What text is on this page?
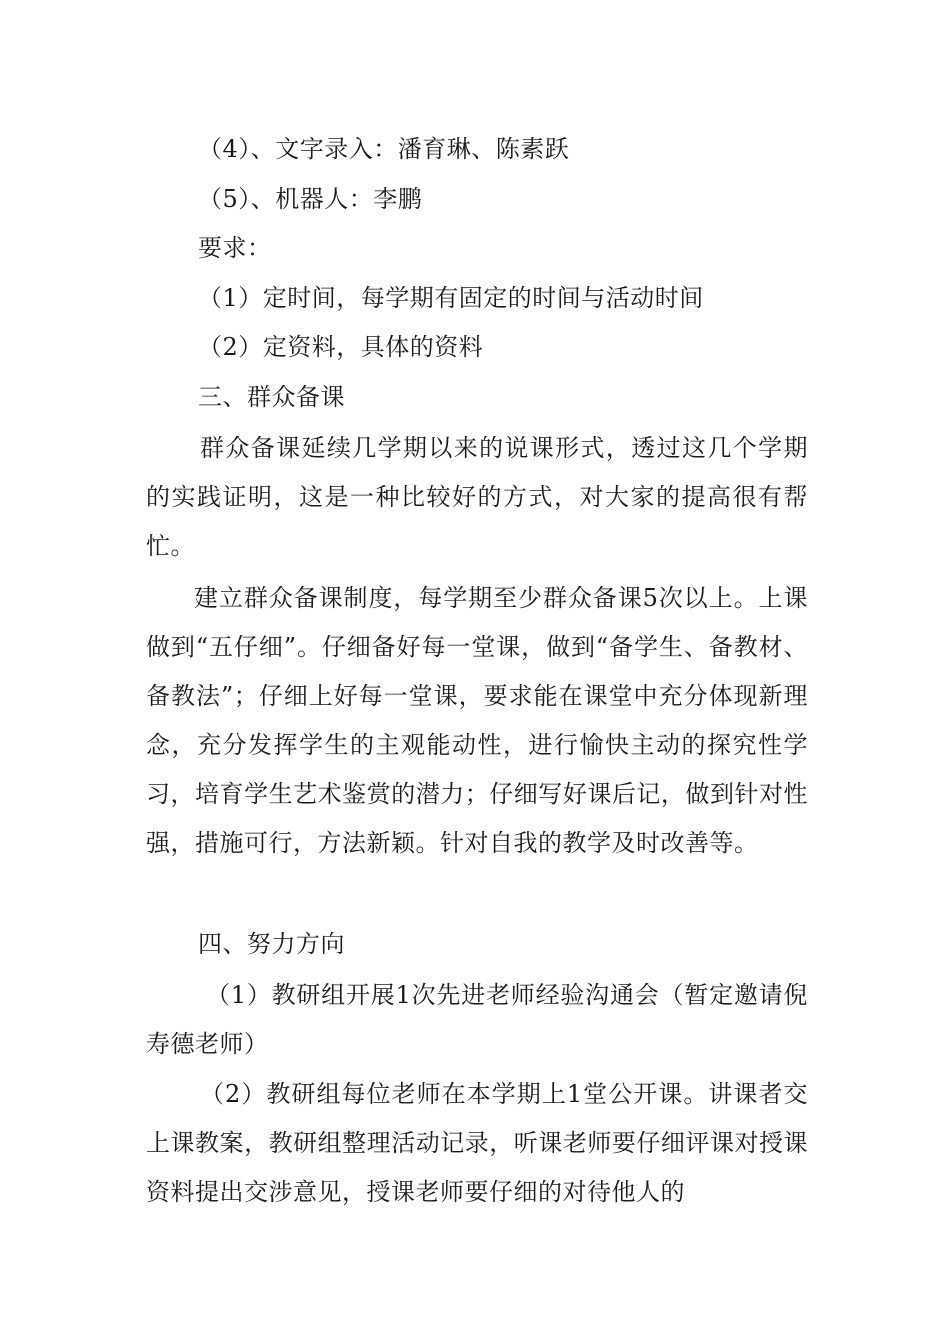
（4）、文字录入：潘育琳、陈素跃
（5）、机器人：李鹏
要求：
（1）定时间，每学期有固定的时间与活动时间
（2）定资料，具体的资料
三、群众备课
群众备课延续几学期以来的说课形式，透过这几个学期的实践证明，这是一种比较好的方式，对大家的提高很有帮忙。
建立群众备课制度，每学期至少群众备课5次以上。上课做到“五仔细”。仔细备好每一堂课，做到“备学生、备教材、备教法”；仔细上好每一堂课，要求能在课堂中充分体现新理念，充分发挥学生的主观能动性，进行愉快主动的探究性学习，培育学生艺术鉴赏的潜力；仔细写好课后记，做到针对性强，措施可行，方法新颖。针对自我的教学及时改善等。
四、努力方向
（1）教研组开展1次先进老师经验沟通会（暂定邀请倪寿德老师）
（2）教研组每位老师在本学期上1堂公开课。讲课者交上课教案，教研组整理活动记录，听课老师要仔细评课对授课资料提出交涉意见，授课老师要仔细的对待他人的
